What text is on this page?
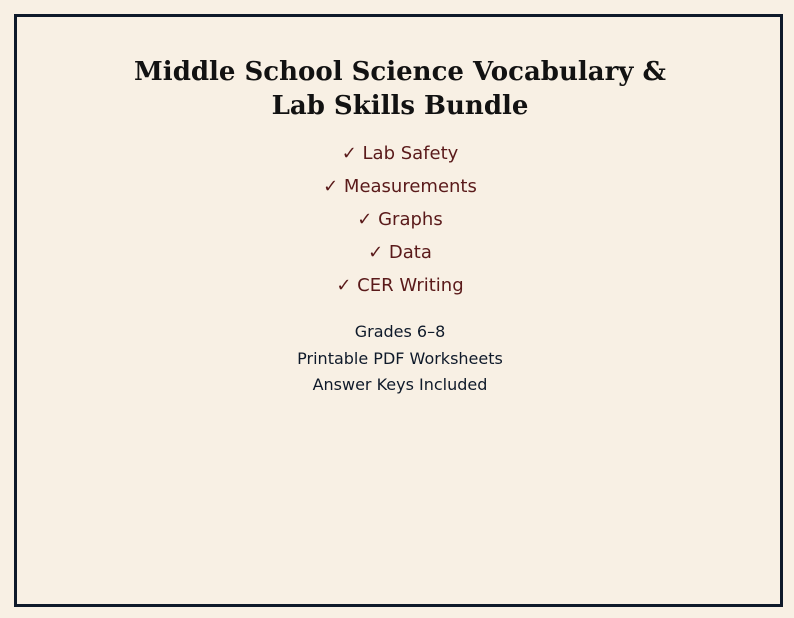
Middle School Science Vocabulary &
Lab Skills Bundle
✓ Lab Safety
✓ Measurements
✓ Graphs
✓ Data
✓ CER Writing
Grades 6–8
Printable PDF Worksheets
Answer Keys Included
